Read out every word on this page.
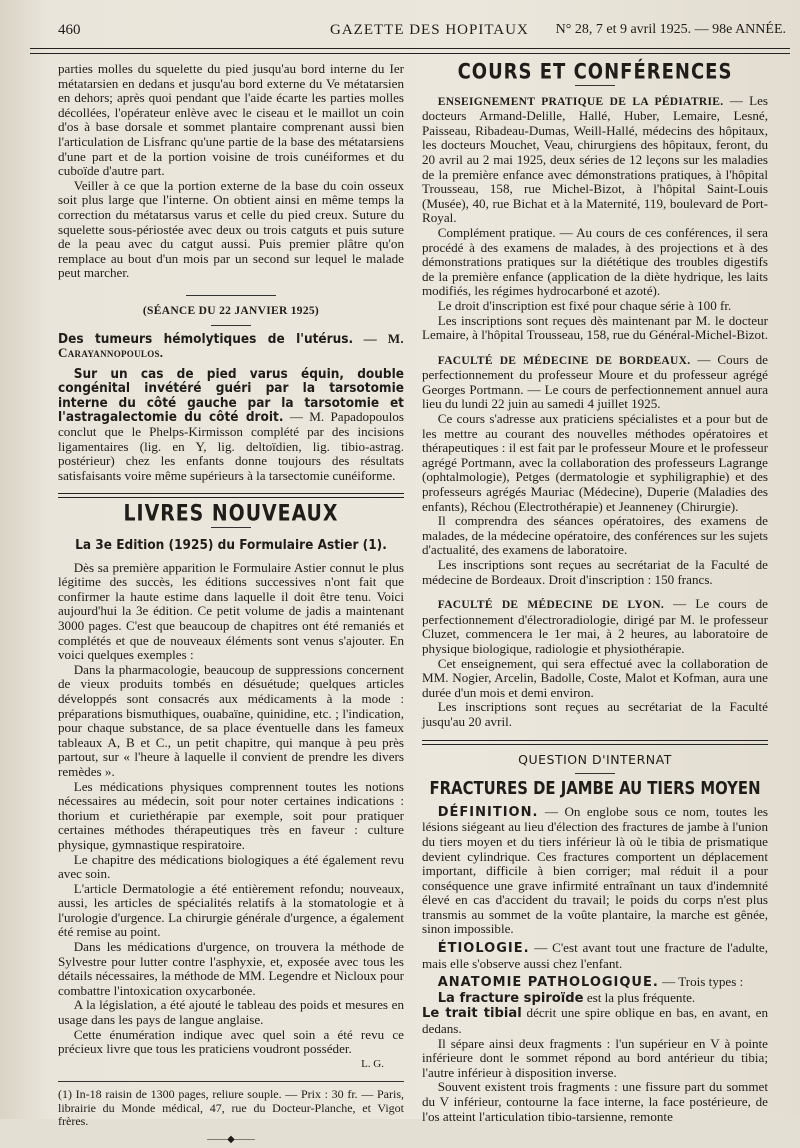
460	GAZETTE DES HOPITAUX N° 28, 7 et 9 avril 1925. — 98e ANNÉE.

parties molles du squelette du pied jusqu'au bord interne du Ier métatarsien en dedans et jusqu'au bord externe du Ve métatarsien en dehors; après quoi pendant que l'aide écarte les parties molles décollées, l'opérateur enlève avec le ciseau et le maillot un coin d'os à base dorsale et sommet plantaire comprenant aussi bien l'articulation de Lisfranc qu'une partie de la base des métatarsiens d'une part et de la portion voisine de trois cunéiformes et du cuboïde d'autre part.

Veiller à ce que la portion externe de la base du coin osseux soit plus large que l'interne. On obtient ainsi en même temps la correction du métatarsus varus et celle du pied creux. Suture du squelette sous-périostée avec deux ou trois catguts et puis suture de la peau avec du catgut aussi. Puis premier plâtre qu'on remplace au bout d'un mois par un second sur lequel le malade peut marcher.

(SÉANCE DU 22 JANVIER 1925)

Des tumeurs hémolytiques de l'utérus. — M. Carayannopoulos.

Sur un cas de pied varus équin, double congénital invétéré guéri par la tarsotomie interne du côté gauche par la tarsotomie et l'astragalectomie du côté droit. — M. Papadopoulos conclut que le Phelps-Kirmisson complété par des incisions ligamentaires (lig. en Y, lig. deltoïdien, lig. tibio-astrag. postérieur) chez les enfants donne toujours des résultats satisfaisants voire même supérieurs à la tarsectomie cunéiforme.

LIVRES NOUVEAUX
La 3e Edition (1925) du Formulaire Astier (1).

Dès sa première apparition le Formulaire Astier connut le plus légitime des succès, les éditions successives n'ont fait que confirmer la haute estime dans laquelle il doit être tenu. Voici aujourd'hui la 3e édition. Ce petit volume de jadis a maintenant 3000 pages. C'est que beaucoup de chapitres ont été remaniés et complétés et que de nouveaux éléments sont venus s'ajouter. En voici quelques exemples :

Dans la pharmacologie, beaucoup de suppressions concernent de vieux produits tombés en désuétude; quelques articles développés sont consacrés aux médicaments à la mode : préparations bismuthiques, ouabaïne, quinidine, etc. ; l'indication, pour chaque substance, de sa place éventuelle dans les fameux tableaux A, B et C., un petit chapitre, qui manque à peu près partout, sur « l'heure à laquelle il convient de prendre les divers remèdes ».

Les médications physiques comprennent toutes les notions nécessaires au médecin, soit pour noter certaines indications : thorium et curiethérapie par exemple, soit pour pratiquer certaines méthodes thérapeutiques très en faveur : culture physique, gymnastique respiratoire.

Le chapitre des médications biologiques a été également revu avec soin.

L'article Dermatologie a été entièrement refondu; nouveaux, aussi, les articles de spécialités relatifs à la stomatologie et à l'urologie d'urgence. La chirurgie générale d'urgence, a également été remise au point.

Dans les médications d'urgence, on trouvera la méthode de Sylvestre pour lutter contre l'asphyxie, et, exposée avec tous les détails nécessaires, la méthode de MM. Legendre et Nicloux pour combattre l'intoxication oxycarbonée.

A la législation, a été ajouté le tableau des poids et mesures en usage dans les pays de langue anglaise.

Cette énumération indique avec quel soin a été revu ce précieux livre que tous les praticiens voudront posséder.

L. G.

(1) In-18 raisin de 1300 pages, reliure souple. — Prix : 30 fr. — Paris, librairie du Monde médical, 47, rue du Docteur-Planche, et Vigot frères.

——◆——
COURS ET CONFÉRENCES

ENSEIGNEMENT PRATIQUE DE LA PÉDIATRIE. — Les docteurs Armand-Delille, Hallé, Huber, Lemaire, Lesné, Paisseau, Ribadeau-Dumas, Weill-Hallé, médecins des hôpitaux, les docteurs Mouchet, Veau, chirurgiens des hôpitaux, feront, du 20 avril au 2 mai 1925, deux séries de 12 leçons sur les maladies de la première enfance avec démonstrations pratiques, à l'hôpital Trousseau, 158, rue Michel-Bizot, à l'hôpital Saint-Louis (Musée), 40, rue Bichat et à la Maternité, 119, boulevard de Port-Royal.

Complément pratique. — Au cours de ces conférences, il sera procédé à des examens de malades, à des projections et à des démonstrations pratiques sur la diététique des troubles digestifs de la première enfance (application de la diète hydrique, les laits modifiés, les régimes hydrocarboné et azoté).

Le droit d'inscription est fixé pour chaque série à 100 fr.

Les inscriptions sont reçues dès maintenant par M. le docteur Lemaire, à l'hôpital Trousseau, 158, rue du Général-Michel-Bizot.

FACULTÉ DE MÉDECINE DE BORDEAUX. — Cours de perfectionnement du professeur Moure et du professeur agrégé Georges Portmann. — Le cours de perfectionnement annuel aura lieu du lundi 22 juin au samedi 4 juillet 1925.

Ce cours s'adresse aux praticiens spécialistes et a pour but de les mettre au courant des nouvelles méthodes opératoires et thérapeutiques : il est fait par le professeur Moure et le professeur agrégé Portmann, avec la collaboration des professeurs Lagrange (ophtalmologie), Petges (dermatologie et syphiligraphie) et des professeurs agrégés Mauriac (Médecine), Duperie (Maladies des enfants), Réchou (Electrothérapie) et Jeanneney (Chirurgie).

Il comprendra des séances opératoires, des examens de malades, de la médecine opératoire, des conférences sur les sujets d'actualité, des examens de laboratoire.

Les inscriptions sont reçues au secrétariat de la Faculté de médecine de Bordeaux. Droit d'inscription : 150 francs.

FACULTÉ DE MÉDECINE DE LYON. — Le cours de perfectionnement d'électroradiologie, dirigé par M. le professeur Cluzet, commencera le 1er mai, à 2 heures, au laboratoire de physique biologique, radiologie et physiothérapie.

Cet enseignement, qui sera effectué avec la collaboration de MM. Nogier, Arcelin, Badolle, Coste, Malot et Kofman, aura une durée d'un mois et demi environ.

Les inscriptions sont reçues au secrétariat de la Faculté jusqu'au 20 avril.

QUESTION D'INTERNAT
FRACTURES DE JAMBE AU TIERS MOYEN

DÉFINITION. — On englobe sous ce nom, toutes les lésions siégeant au lieu d'élection des fractures de jambe à l'union du tiers moyen et du tiers inférieur là où le tibia de prismatique devient cylindrique. Ces fractures comportent un déplacement important, difficile à bien corriger; mal réduit il a pour conséquence une grave infirmité entraînant un taux d'indemnité élevé en cas d'accident du travail; le poids du corps n'est plus transmis au sommet de la voûte plantaire, la marche est gênée, sinon impossible.

ÉTIOLOGIE. — C'est avant tout une fracture de l'adulte, mais elle s'observe aussi chez l'enfant.

ANATOMIE PATHOLOGIQUE. — Trois types :

La fracture spiroïde est la plus fréquente.

Le trait tibial décrit une spire oblique en bas, en avant, en dedans.

Il sépare ainsi deux fragments : l'un supérieur en V à pointe inférieure dont le sommet répond au bord antérieur du tibia; l'autre inférieur à disposition inverse.

Souvent existent trois fragments : une fissure part du sommet du V inférieur, contourne la face interne, la face postérieure, de l'os atteint l'articulation tibio-tarsienne, remonte
